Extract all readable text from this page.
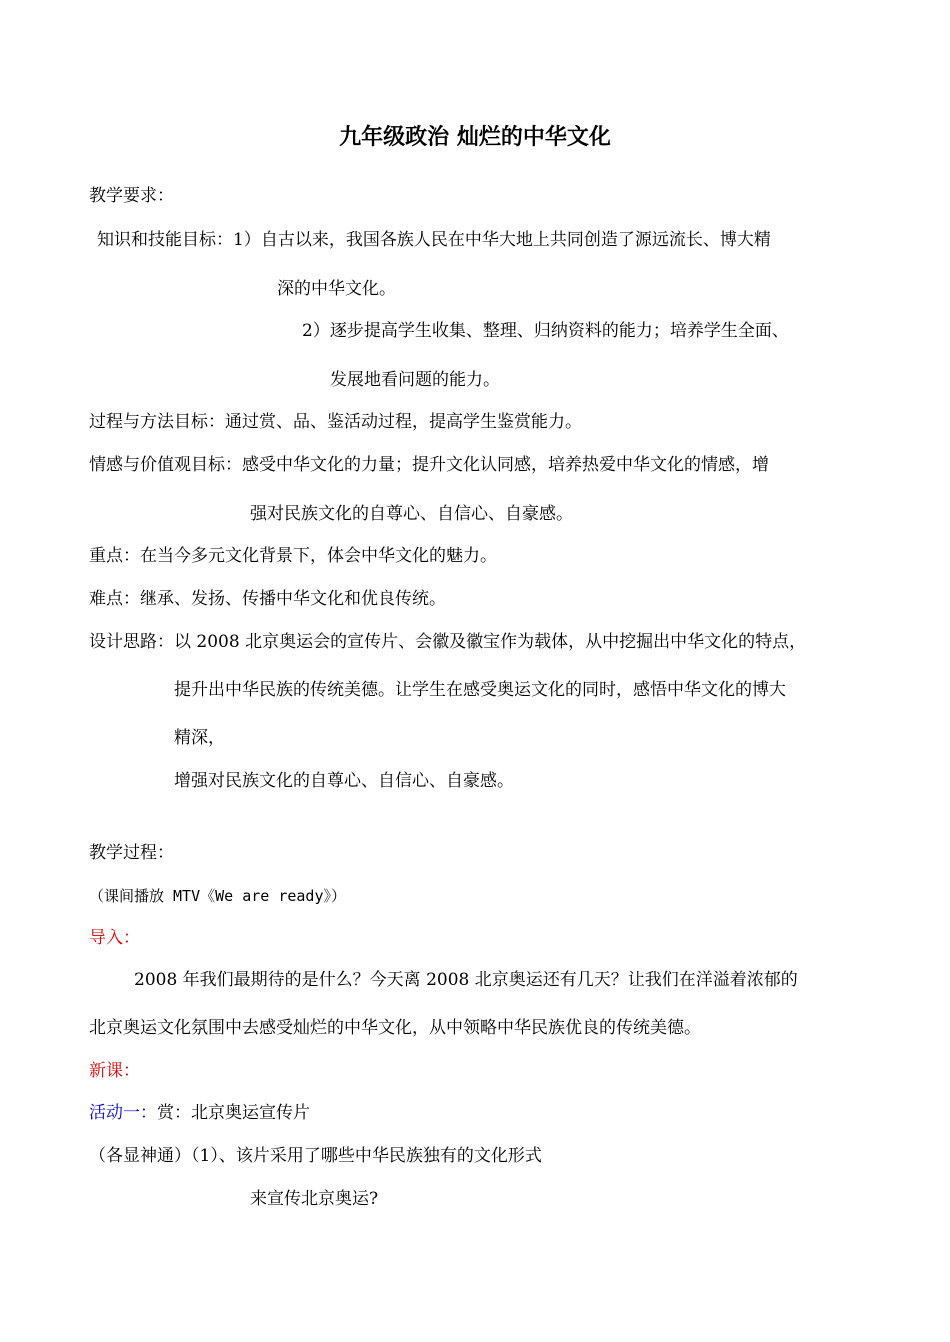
九年级政治 灿烂的中华文化
教学要求：
知识和技能目标：1）自古以来，我国各族人民在中华大地上共同创造了源远流长、博大精
深的中华文化。
2）逐步提高学生收集、整理、归纳资料的能力；培养学生全面、
发展地看问题的能力。
过程与方法目标：通过赏、品、鉴活动过程，提高学生鉴赏能力。
情感与价值观目标：感受中华文化的力量；提升文化认同感，培养热爱中华文化的情感，增
强对民族文化的自尊心、自信心、自豪感。
重点：在当今多元文化背景下，体会中华文化的魅力。
难点：继承、发扬、传播中华文化和优良传统。
设计思路：以 2008 北京奥运会的宣传片、会徽及徽宝作为载体，从中挖掘出中华文化的特点，
提升出中华民族的传统美德。让学生在感受奥运文化的同时，感悟中华文化的博大
精深，
增强对民族文化的自尊心、自信心、自豪感。
教学过程：
（课间播放 MTV《We are ready》）
导入：
2008 年我们最期待的是什么？今天离 2008 北京奥运还有几天？让我们在洋溢着浓郁的
北京奥运文化氛围中去感受灿烂的中华文化，从中领略中华民族优良的传统美德。
新课：
活动一：赏：北京奥运宣传片
（各显神通）（1）、该片采用了哪些中华民族独有的文化形式
来宣传北京奥运?
